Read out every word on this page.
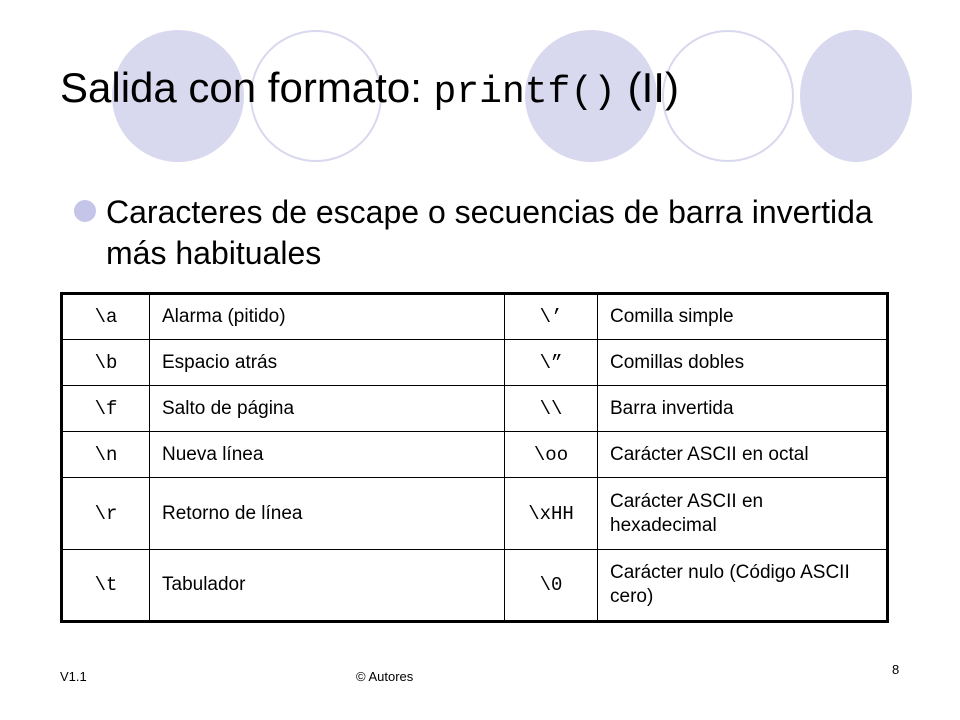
Salida con formato: printf() (II)
Caracteres de escape o secuencias de barra invertida más habituales
\a	Alarma (pitido)	\’	Comilla simple
\b	Espacio atrás	\”	Comillas dobles
\f	Salto de página	\\	Barra invertida
\n	Nueva línea	\oo	Carácter ASCII en octal
\r	Retorno de línea	\xHH	Carácter ASCII en hexadecimal
\t	Tabulador	\0	Carácter nulo (Código ASCII cero)
V1.1	© Autores	8
